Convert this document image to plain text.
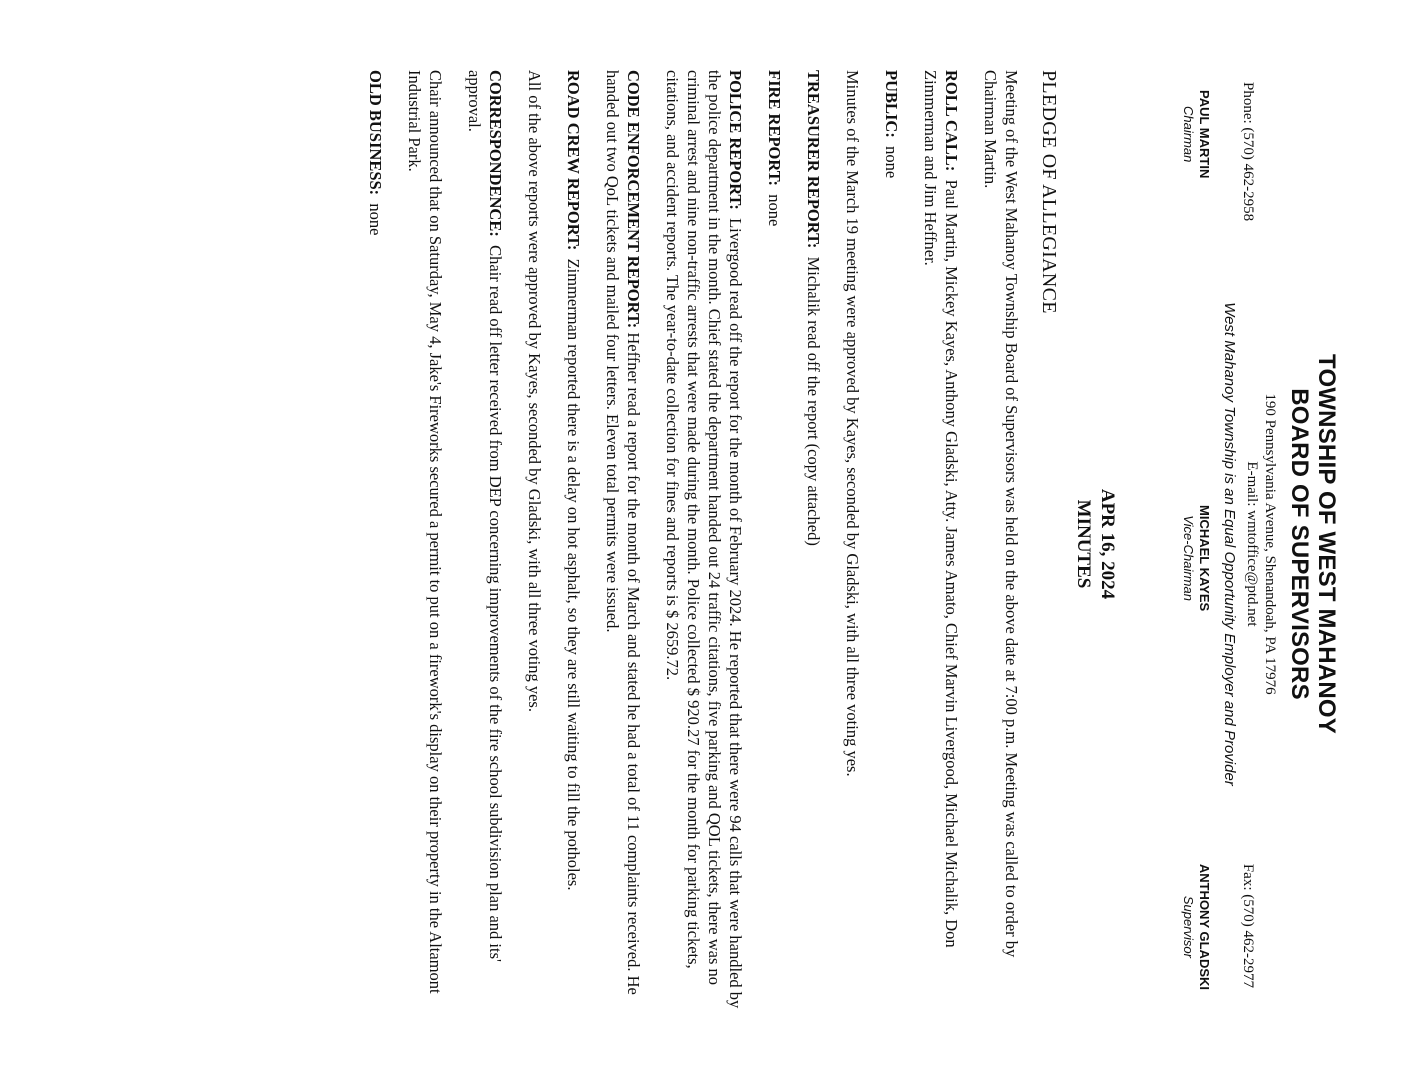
TOWNSHIP OF WEST MAHANOY
BOARD OF SUPERVISORS
190 Pennsylvania Avenue, Shenandoah, PA 17976
Phone: (570) 462-2958
E-mail: wmtoffice@ptd.net
Fax: (570) 462-2977
West Mahanoy Township is an Equal Opportunity Employer and Provider
PAUL MARTIN
Chairman
MICHAEL KAYES
Vice-Chairman
ANTHONY GLADSKI
Supervisor
APR 16, 2024
MINUTES
PLEDGE OF ALLEGIANCE

Meeting of the West Mahanoy Township Board of Supervisors was held on the above date at 7:00 p.m. Meeting was called to order by Chairman Martin.

ROLL CALL:  Paul Martin, Mickey Kayes, Anthony Gladski, Atty. James Amato, Chief Marvin Livergood, Michael Michalik, Don Zimmerman and Jim Heffner.

PUBLIC:  none

Minutes of the March 19 meeting were approved by Kayes, seconded by Gladski, with all three voting yes.

TREASURER REPORT:  Michalik read off the report (copy attached)

FIRE REPORT:  none

POLICE REPORT:  Livergood read off the report for the month of February 2024. He reported that there were 94 calls that were handled by the police department in the month. Chief stated the department handed out 24 traffic citations, five parking and QOL tickets, there was no criminal arrest and nine non-traffic arrests that were made during the month. Police collected $ 920.27 for the month for parking tickets, citations, and accident reports. The year-to-date collection for fines and reports is $ 2659.72.

CODE ENFORCEMENT REPORT: Heffner read a report for the month of March and stated he had a total of 11 complaints received. He handed out two QoL tickets and mailed four letters. Eleven total permits were issued.

ROAD CREW REPORT:  Zimmerman reported there is a delay on hot asphalt, so they are still waiting to fill the potholes.

All of the above reports were approved by Kayes, seconded by Gladski, with all three voting yes.

CORRESPONDENCE:  Chair read off letter received from DEP concerning improvements of the fire school subdivision plan and its' approval.

Chair announced that on Saturday, May 4, Jake's Fireworks secured a permit to put on a firework's display on their property in the Altamont Industrial Park.

OLD BUSINESS:  none
